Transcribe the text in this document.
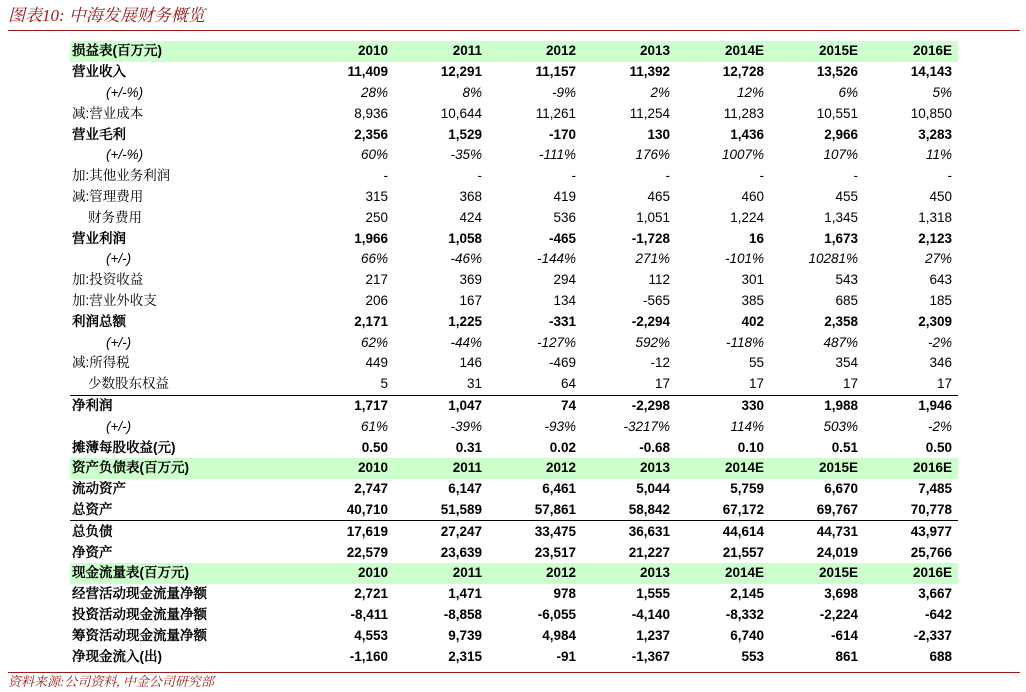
图表10: 中海发展财务概览
损益表(百万元)	2010	2011	2012	2013	2014E	2015E	2016E
营业收入	11,409	12,291	11,157	11,392	12,728	13,526	14,143
(+/-%)	28%	8%	-9%	2%	12%	6%	5%
减:营业成本	8,936	10,644	11,261	11,254	11,283	10,551	10,850
营业毛利	2,356	1,529	-170	130	1,436	2,966	3,283
(+/-%)	60%	-35%	-111%	176%	1007%	107%	11%
加:其他业务利润	-	-	-	-	-	-	-
减:管理费用	315	368	419	465	460	455	450
财务费用	250	424	536	1,051	1,224	1,345	1,318
营业利润	1,966	1,058	-465	-1,728	16	1,673	2,123
(+/-)	66%	-46%	-144%	271%	-101%	10281%	27%
加:投资收益	217	369	294	112	301	543	643
加:营业外收支	206	167	134	-565	385	685	185
利润总额	2,171	1,225	-331	-2,294	402	2,358	2,309
(+/-)	62%	-44%	-127%	592%	-118%	487%	-2%
减:所得税	449	146	-469	-12	55	354	346
少数股东权益	5	31	64	17	17	17	17
净利润	1,717	1,047	74	-2,298	330	1,988	1,946
(+/-)	61%	-39%	-93%	-3217%	114%	503%	-2%
摊薄每股收益(元)	0.50	0.31	0.02	-0.68	0.10	0.51	0.50
资产负债表(百万元)	2010	2011	2012	2013	2014E	2015E	2016E
流动资产	2,747	6,147	6,461	5,044	5,759	6,670	7,485
总资产	40,710	51,589	57,861	58,842	67,172	69,767	70,778
总负债	17,619	27,247	33,475	36,631	44,614	44,731	43,977
净资产	22,579	23,639	23,517	21,227	21,557	24,019	25,766
现金流量表(百万元)	2010	2011	2012	2013	2014E	2015E	2016E
经营活动现金流量净额	2,721	1,471	978	1,555	2,145	3,698	3,667
投资活动现金流量净额	-8,411	-8,858	-6,055	-4,140	-8,332	-2,224	-642
筹资活动现金流量净额	4,553	9,739	4,984	1,237	6,740	-614	-2,337
净现金流入(出)	-1,160	2,315	-91	-1,367	553	861	688
资料来源:公司资料, 中金公司研究部
